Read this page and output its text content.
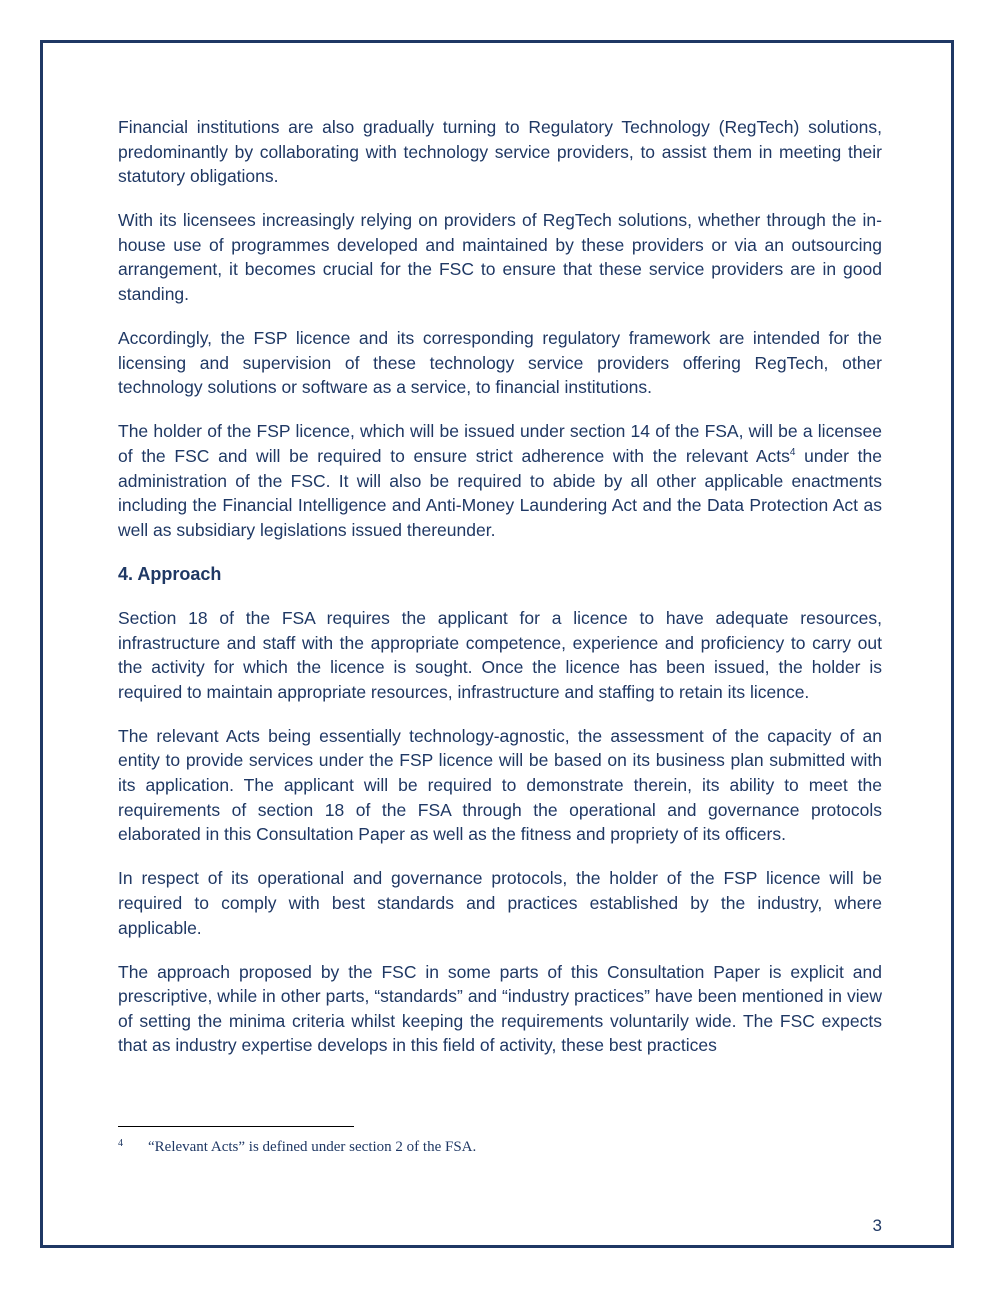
Financial institutions are also gradually turning to Regulatory Technology (RegTech) solutions, predominantly by collaborating with technology service providers, to assist them in meeting their statutory obligations.

With its licensees increasingly relying on providers of RegTech solutions, whether through the in-house use of programmes developed and maintained by these providers or via an outsourcing arrangement, it becomes crucial for the FSC to ensure that these service providers are in good standing.

Accordingly, the FSP licence and its corresponding regulatory framework are intended for the licensing and supervision of these technology service providers offering RegTech, other technology solutions or software as a service, to financial institutions.

The holder of the FSP licence, which will be issued under section 14 of the FSA, will be a licensee of the FSC and will be required to ensure strict adherence with the relevant Acts$^4$ under the administration of the FSC. It will also be required to abide by all other applicable enactments including the Financial Intelligence and Anti-Money Laundering Act and the Data Protection Act as well as subsidiary legislations issued thereunder.

4. Approach

Section 18 of the FSA requires the applicant for a licence to have adequate resources, infrastructure and staff with the appropriate competence, experience and proficiency to carry out the activity for which the licence is sought. Once the licence has been issued, the holder is required to maintain appropriate resources, infrastructure and staffing to retain its licence.

The relevant Acts being essentially technology-agnostic, the assessment of the capacity of an entity to provide services under the FSP licence will be based on its business plan submitted with its application. The applicant will be required to demonstrate therein, its ability to meet the requirements of section 18 of the FSA through the operational and governance protocols elaborated in this Consultation Paper as well as the fitness and propriety of its officers.

In respect of its operational and governance protocols, the holder of the FSP licence will be required to comply with best standards and practices established by the industry, where applicable.

The approach proposed by the FSC in some parts of this Consultation Paper is explicit and prescriptive, while in other parts, “standards” and “industry practices” have been mentioned in view of setting the minima criteria whilst keeping the requirements voluntarily wide. The FSC expects that as industry expertise develops in this field of activity, these best practices

4 “Relevant Acts” is defined under section 2 of the FSA.
3
